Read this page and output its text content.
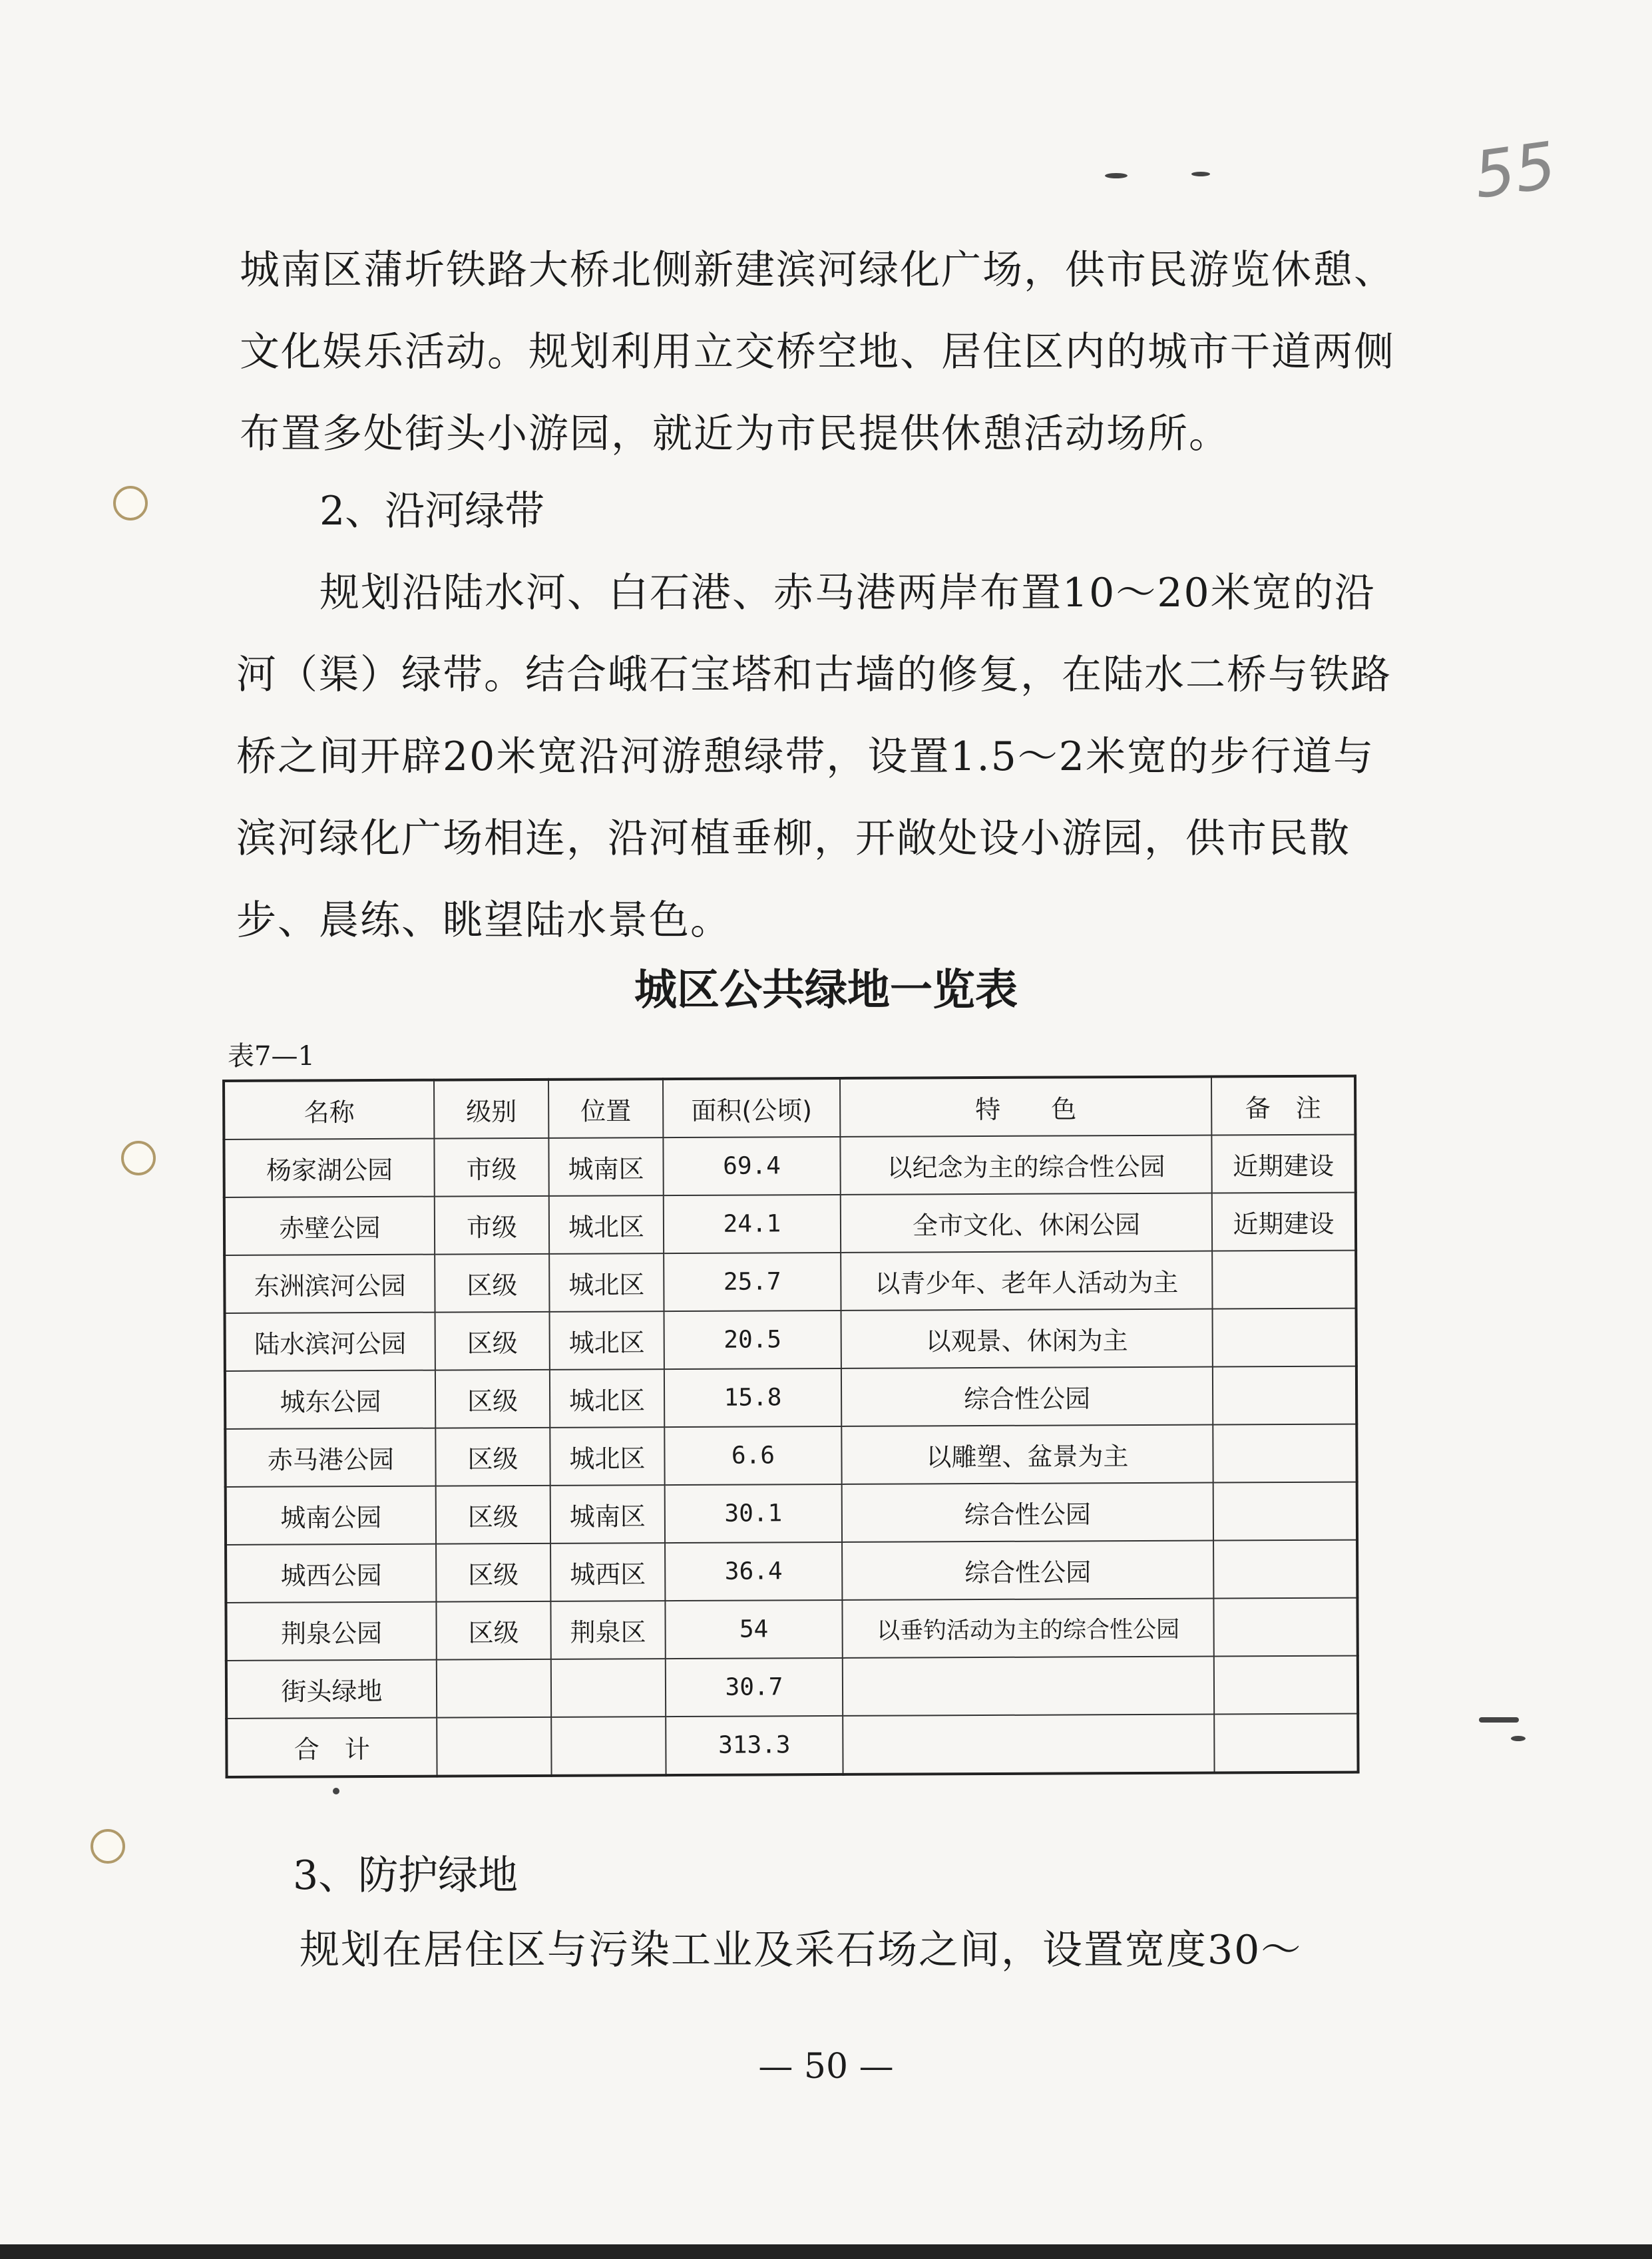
55

城南区蒲圻铁路大桥北侧新建滨河绿化广场，供市民游览休憩、文化娱乐活动。规划利用立交桥空地、居住区内的城市干道两侧布置多处街头小游园，就近为市民提供休憩活动场所。

2、沿河绿带

规划沿陆水河、白石港、赤马港两岸布置10～20米宽的沿河（渠）绿带。结合峨石宝塔和古墙的修复，在陆水二桥与铁路桥之间开辟20米宽沿河游憩绿带，设置1.5～2米宽的步行道与滨河绿化广场相连，沿河植垂柳，开敞处设小游园，供市民散步、晨练、眺望陆水景色。

城区公共绿地一览表

表7—1

名称	级别	位置	面积(公顷)	特　　色	备　注
杨家湖公园	市级	城南区	69.4	以纪念为主的综合性公园	近期建设
赤壁公园	市级	城北区	24.1	全市文化、休闲公园	近期建设
东洲滨河公园	区级	城北区	25.7	以青少年、老年人活动为主	
陆水滨河公园	区级	城北区	20.5	以观景、休闲为主	
城东公园	区级	城北区	15.8	综合性公园	
赤马港公园	区级	城北区	6.6	以雕塑、盆景为主	
城南公园	区级	城南区	30.1	综合性公园	
城西公园	区级	城西区	36.4	综合性公园	
荆泉公园	区级	荆泉区	54	以垂钓活动为主的综合性公园	
街头绿地			30.7		
合　计			313.3		

3、防护绿地

规划在居住区与污染工业及采石场之间，设置宽度30～

— 50 —
